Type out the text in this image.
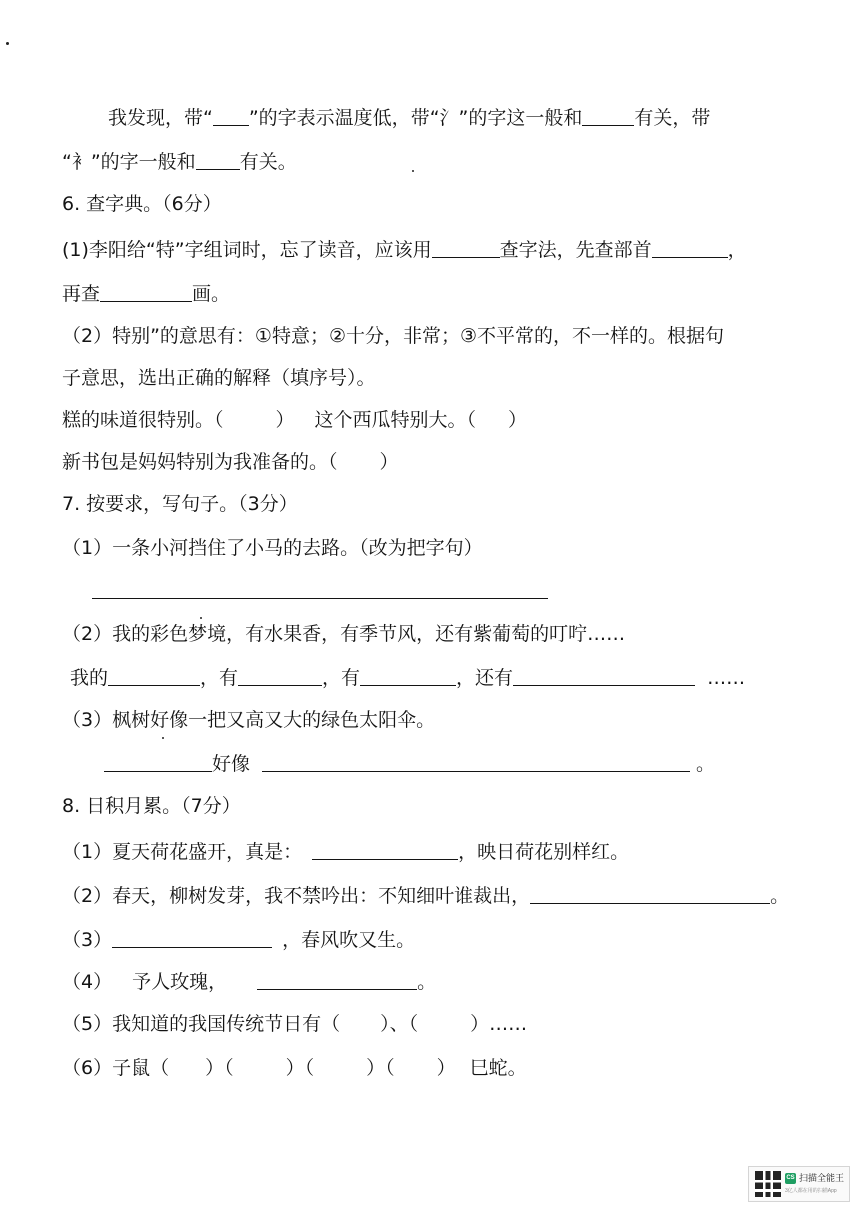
我发现，带“ ”的字表示温度低，带“氵”的字这一般和	有关，带
“衤”的字一般和 有关。
6. 查字典。（6分）
(1)李阳给“特”字组词时，忘了读音，应该用	查字法，先查部首	，
再查	画。
（2）特别”的意思有：①特意；②十分，非常；③不平常的，不一样的。根据句
子意思，选出正确的解释（填序号）。
糕的味道很特别。（	） 这个西瓜特别大。（ ）
新书包是妈妈特别为我准备的。（ ）
7. 按要求，写句子。（3分）
（1）一条小河挡住了小马的去路。（改为把字句）
（2）我的彩色梦境，有水果香，有季节风，还有紫葡萄的叮咛……
我的	，有	，有	，还有	……
（3）枫树好像一把又高又大的绿色太阳伞。
好像	。
8. 日积月累。（7分）
（1）夏天荷花盛开，真是：	，映日荷花别样红。
（2）春天，柳树发芽，我不禁吟出：不知细叶谁裁出，	。
（3）	，春风吹又生。
（4） 予人玫瑰，	。
（5）我知道的我国传统节日有（ ）、（	）……
（6）子鼠（ ）（	）（	）（ ） 巳蛇。
CS 扫描全能王
3亿人都在用的扫描App
